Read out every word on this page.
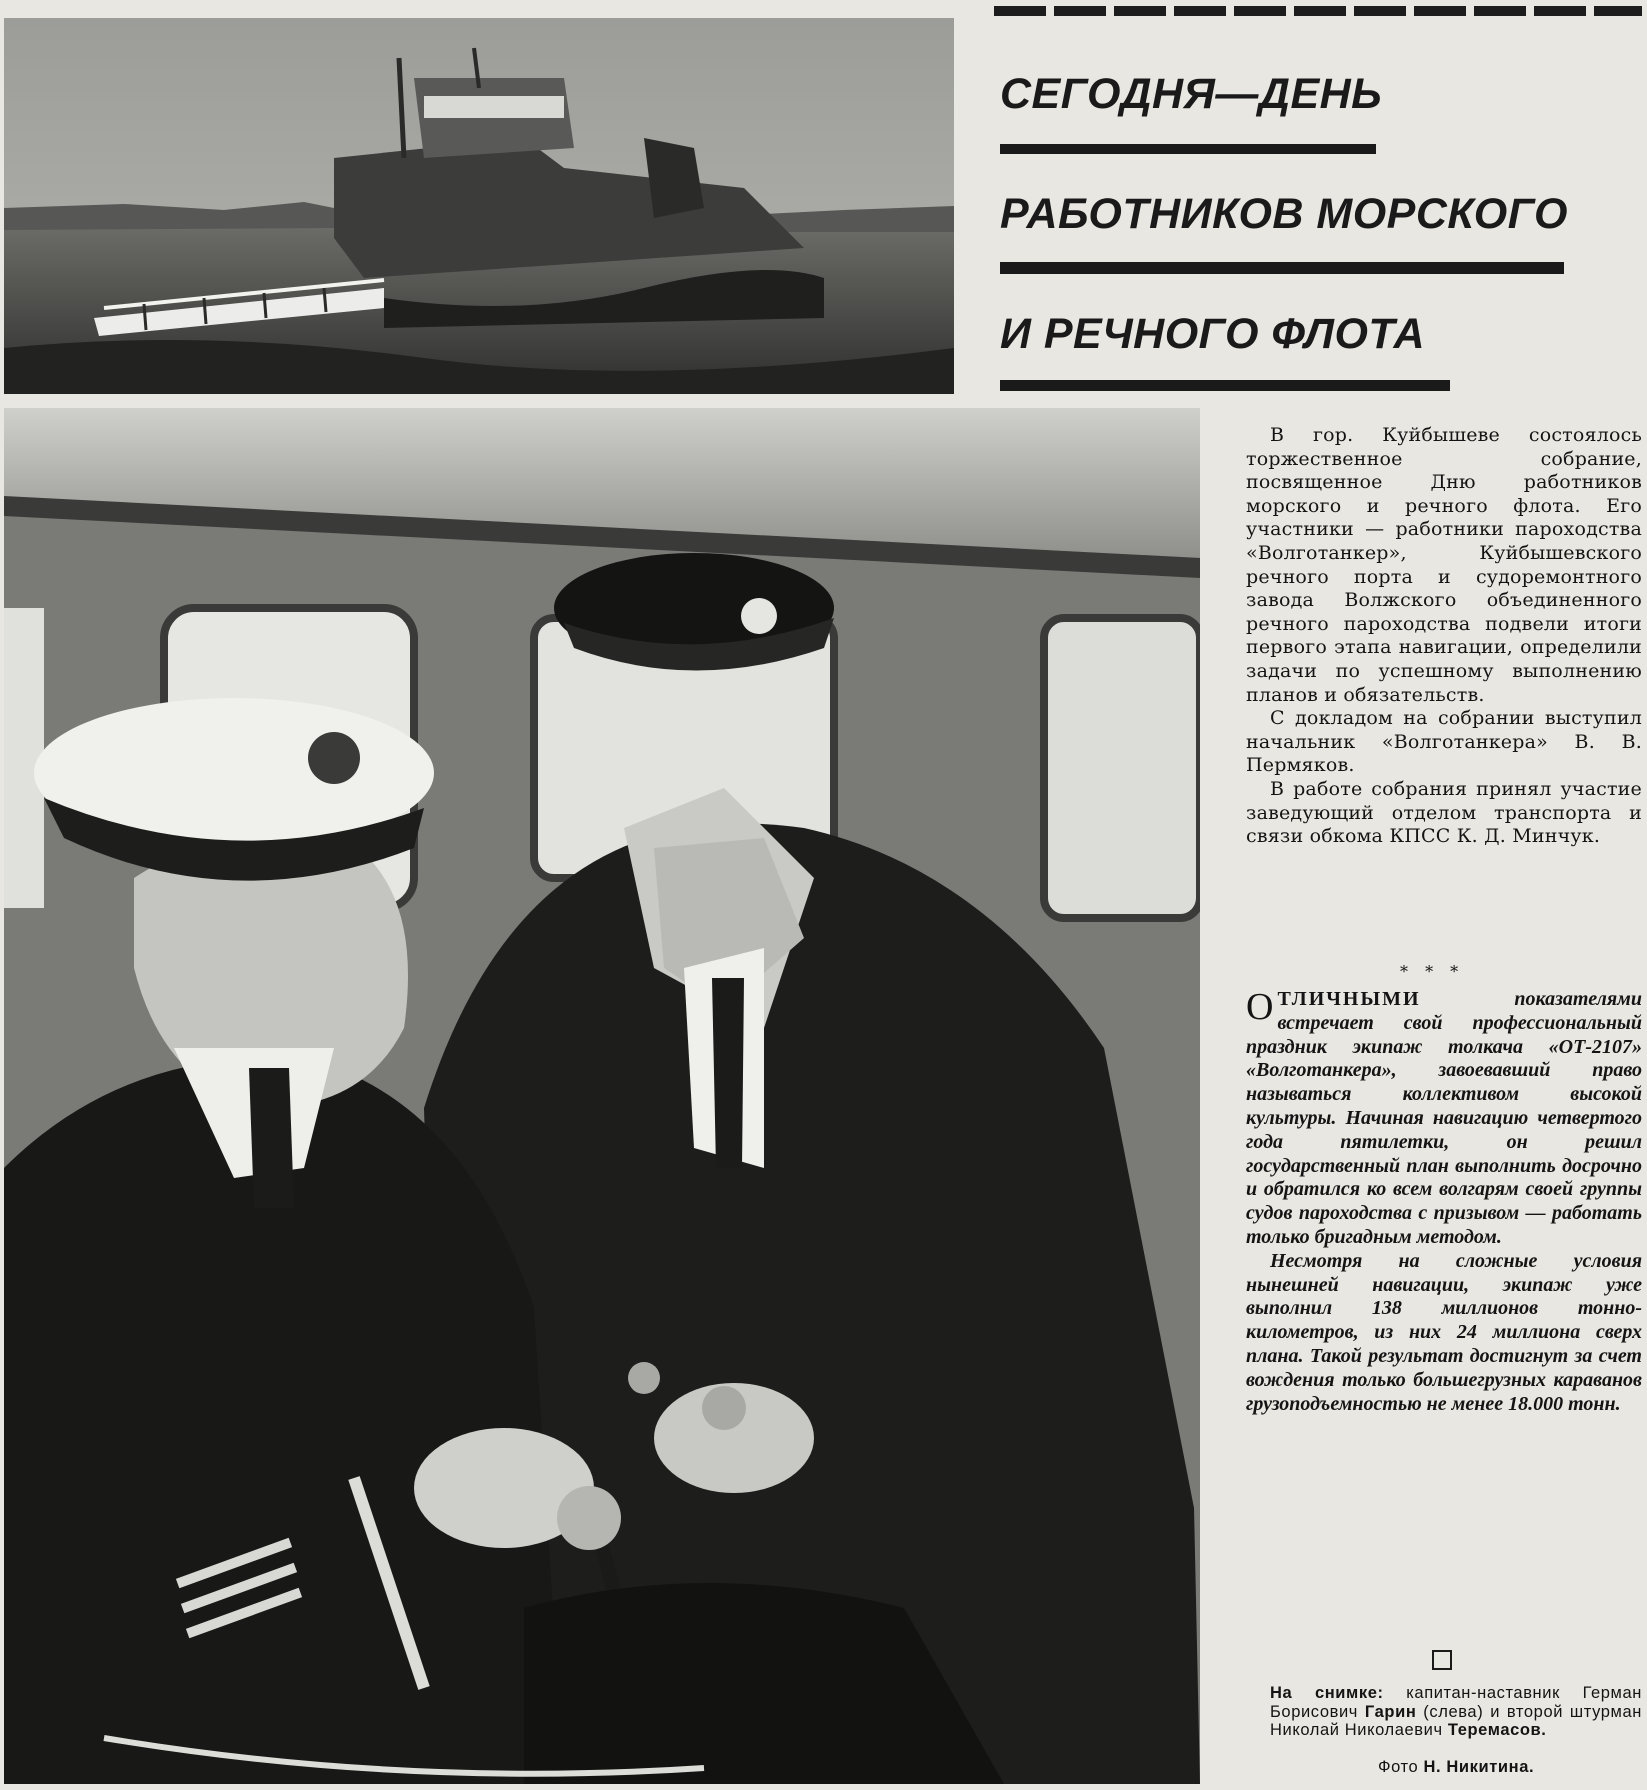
СЕГОДНЯ—ДЕНЬ
РАБОТНИКОВ МОРСКОГО
И РЕЧНОГО ФЛОТА

В гор. Куйбышеве состоялось торжественное собрание, посвященное Дню работников морского и речного флота. Его участники — работники пароходства «Волготанкер», Куйбышевского речного порта и судоремонтного завода Волжского объединенного речного пароходства подвели итоги первого этапа навигации, определили задачи по успешному выполнению планов и обязательств.

С докладом на собрании выступил начальник «Волготанкера» В. В. Пермяков.

В работе собрания принял участие заведующий отделом транспорта и связи обкома КПСС К. Д. Минчук.

* * *

ОТЛИЧНЫМИ показателями встречает свой профессиональный праздник экипаж толкача «ОТ-2107» «Волготанкера», завоевавший право называться коллективом высокой культуры. Начиная навигацию четвертого года пятилетки, он решил государственный план выполнить досрочно и обратился ко всем волгарям своей группы судов пароходства с призывом — работать только бригадным методом.

Несмотря на сложные условия нынешней навигации, экипаж уже выполнил 138 миллионов тонно-километров, из них 24 миллиона сверх плана. Такой результат достигнут за счет вождения только большегрузных караванов грузоподъемностью не менее 18.000 тонн.

На снимке: капитан-наставник Герман Борисович Гарин (слева) и второй штурман Николай Николаевич Теремасов.
Фото Н. Никитина.
